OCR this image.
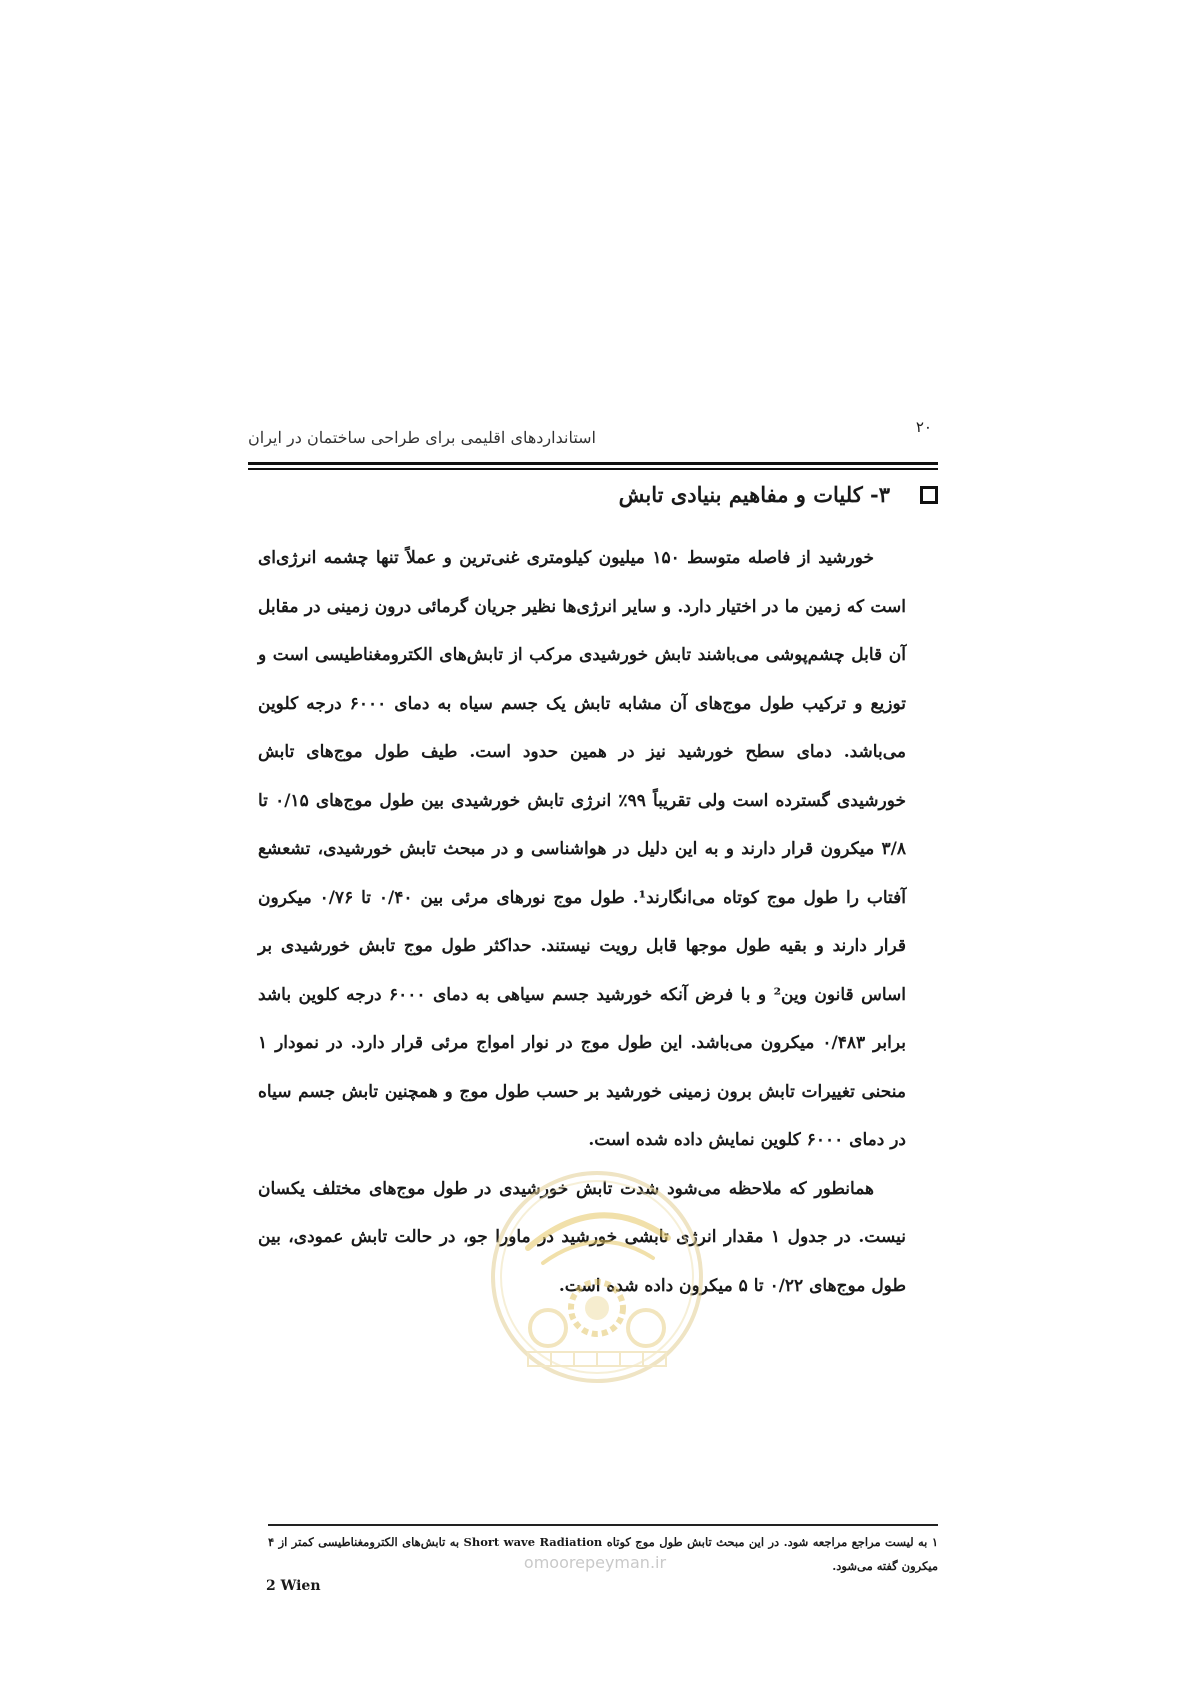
۲۰
استانداردهای اقلیمی برای طراحی ساختمان در ایران
۳- کلیات و مفاهیم بنیادی تابش

خورشید از فاصله متوسط ۱۵۰ میلیون کیلومتری غنی‌ترین و عملاً تنها چشمه انرژی‌ای است که زمین ما در اختیار دارد. و سایر انرژی‌ها نظیر جریان گرمائی درون زمینی در مقابل آن قابل چشم‌پوشی می‌باشند تابش خورشیدی مرکب از تابش‌های الکترومغناطیسی است و توزیع و ترکیب طول موج‌های آن مشابه تابش یک جسم سیاه به دمای ۶۰۰۰ درجه کلوین می‌باشد. دمای سطح خورشید نیز در همین حدود است. طیف طول موج‌های تابش خورشیدی گسترده است ولی تقریباً ۹۹٪ انرژی تابش خورشیدی بین طول موج‌های ۰/۱۵ تا ۳/۸ میکرون قرار دارند و به این دلیل در هواشناسی و در مبحث تابش خورشیدی، تشعشع آفتاب را طول موج کوتاه می‌انگارند¹. طول موج نورهای مرئی بین ۰/۴۰ تا ۰/۷۶ میکرون قرار دارند و بقیه طول موجها قابل رویت نیستند. حداکثر طول موج تابش خورشیدی بر اساس قانون وین² و با فرض آنکه خورشید جسم سیاهی به دمای ۶۰۰۰ درجه کلوین باشد برابر ۰/۴۸۳ میکرون می‌باشد. این طول موج در نوار امواج مرئی قرار دارد. در نمودار ۱ منحنی تغییرات تابش برون زمینی خورشید بر حسب طول موج و همچنین تابش جسم سیاه در دمای ۶۰۰۰ کلوین نمایش داده شده است.

همانطور که ملاحظه می‌شود شدت تابش خورشیدی در طول موج‌های مختلف یکسان نیست. در جدول ۱ مقدار انرژی تابشی خورشید در ماورا جو، در حالت تابش عمودی، بین طول موج‌های ۰/۲۲ تا ۵ میکرون داده شده است.

omoorepeyman.ir
۱ به لیست مراجع مراجعه شود. در این مبحث تابش طول موج کوتاه Short wave Radiation به تابش‌های الکترومغناطیسی کمتر از ۴ میکرون گفته می‌شود.
2 Wien
